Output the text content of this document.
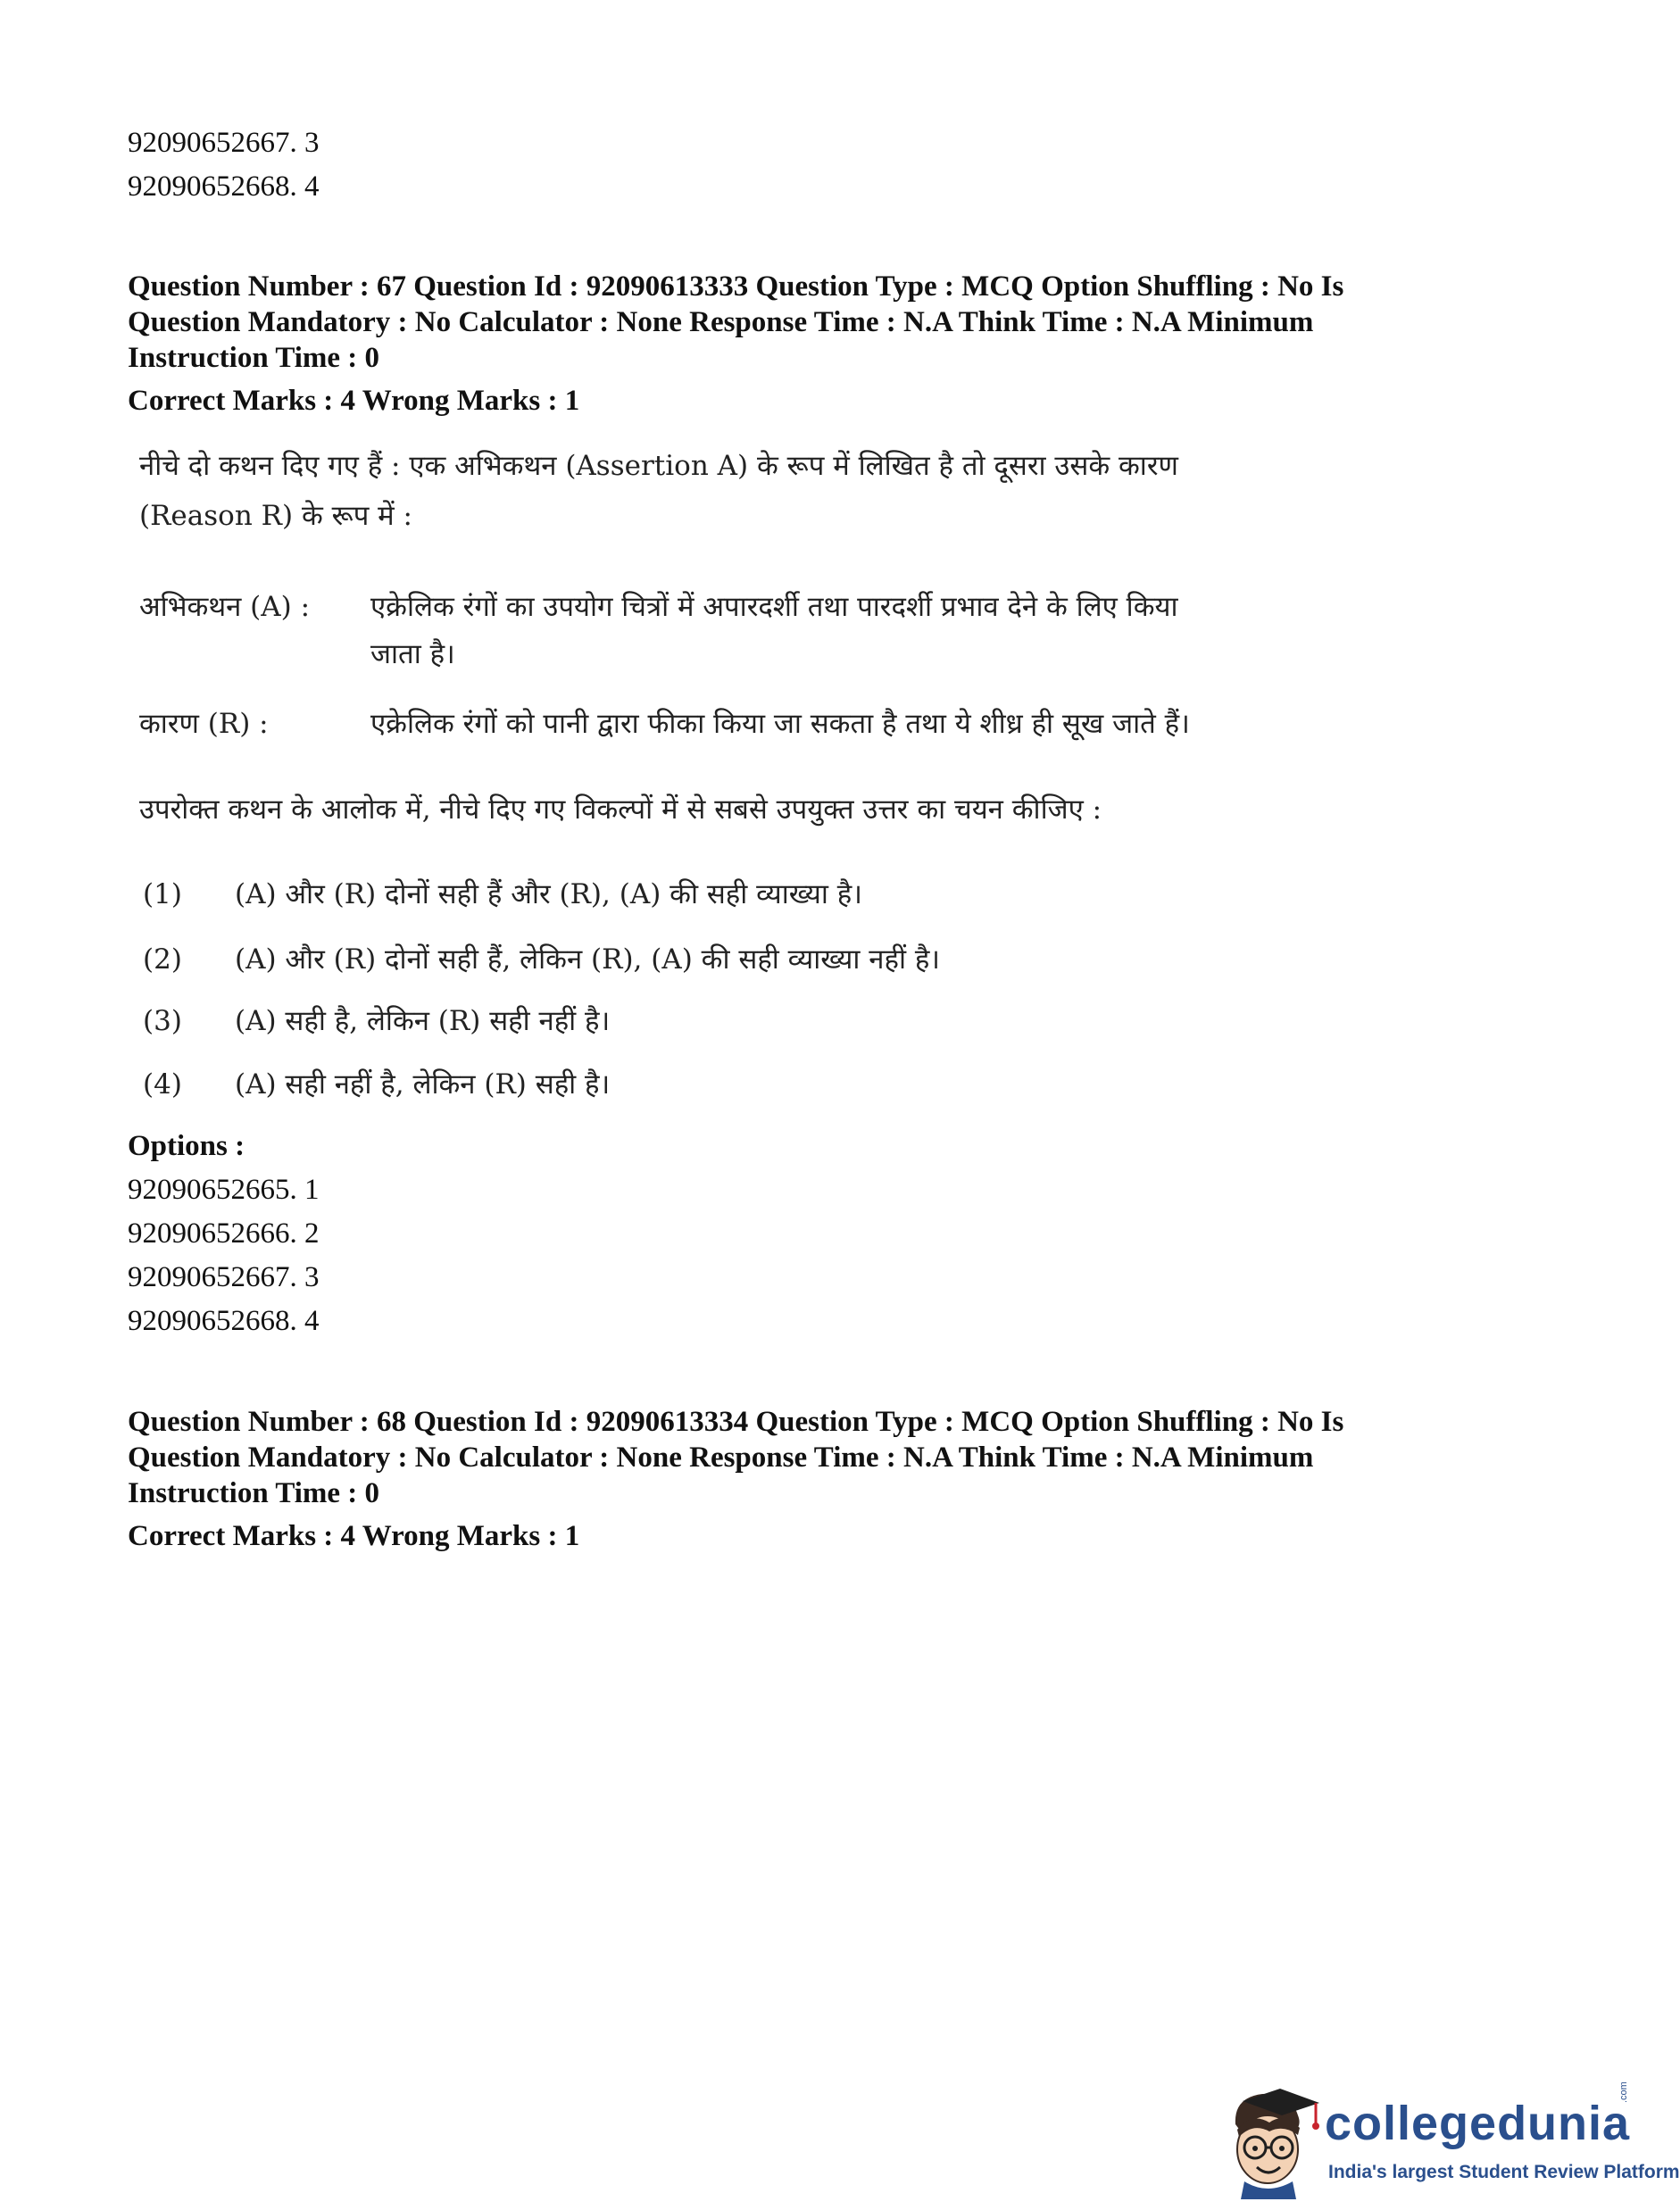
92090652667. 3
92090652668. 4
Question Number : 67 Question Id : 92090613333 Question Type : MCQ Option Shuffling : No Is
Question Mandatory : No Calculator : None Response Time : N.A Think Time : N.A Minimum
Instruction Time : 0
Correct Marks : 4 Wrong Marks : 1
नीचे दो कथन दिए गए हैं : एक अभिकथन (Assertion A) के रूप में लिखित है तो दूसरा उसके कारण
(Reason R) के रूप में :
अभिकथन (A) : एक्रेलिक रंगों का उपयोग चित्रों में अपारदर्शी तथा पारदर्शी प्रभाव देने के लिए किया
जाता है।
कारण (R) :	एक्रेलिक रंगों को पानी द्वारा फीका किया जा सकता है तथा ये शीध्र ही सूख जाते हैं।
उपरोक्त कथन के आलोक में, नीचे दिए गए विकल्पों में से सबसे उपयुक्त उत्तर का चयन कीजिए :
(1) (A) और (R) दोनों सही हैं और (R), (A) की सही व्याख्या है।
(2) (A) और (R) दोनों सही हैं, लेकिन (R), (A) की सही व्याख्या नहीं है।
(3) (A) सही है, लेकिन (R) सही नहीं है।
(4) (A) सही नहीं है, लेकिन (R) सही है।
Options :
92090652665. 1
92090652666. 2
92090652667. 3
92090652668. 4
Question Number : 68 Question Id : 92090613334 Question Type : MCQ Option Shuffling : No Is
Question Mandatory : No Calculator : None Response Time : N.A Think Time : N.A Minimum
Instruction Time : 0
Correct Marks : 4 Wrong Marks : 1
collegedunia
India's largest Student Review Platform
.com
